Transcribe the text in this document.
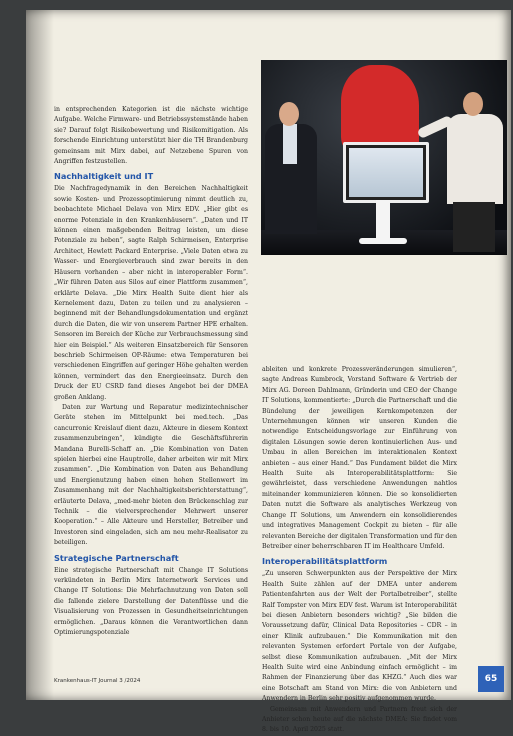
in entsprechenden Kategorien ist die nächste wichtige Aufgabe. Welche Firmware- und Betriebssystemstände haben sie? Darauf folgt Risikobewertung und Risikomitigation. Als forschende Einrichtung unterstützt hier die TH Brandenburg gemeinsam mit Mirx dabei, auf Netzebene Spuren von Angriffen festzustellen.

Nachhaltigkeit und IT

Die Nachfragedynamik in den Bereichen Nachhaltigkeit sowie Kosten- und Prozessoptimierung nimmt deutlich zu, beobachtete Michael Delava von Mirx EDV. „Hier gibt es enorme Potenziale in den Krankenhäusern“. „Daten und IT können einen maßgebenden Beitrag leisten, um diese Potenziale zu heben“, sagte Ralph Schirmeisen, Enterprise Architect, Hewlett Packard Enterprise. „Viele Daten etwa zu Wasser- und Energieverbrauch sind zwar bereits in den Häusern vorhanden – aber nicht in interoperabler Form“. „Wir führen Daten aus Silos auf einer Plattform zusammen“, erklärte Delava. „Die Mirx Health Suite dient hier als Kernelement dazu, Daten zu teilen und zu analysieren – beginnend mit der Behandlungsdokumentation und ergänzt durch die Daten, die wir von unserem Partner HPE erhalten. Sensoren im Bereich der Küche zur Verbrauchsmessung sind hier ein Beispiel.“ Als weiteren Einsatzbereich für Sensoren beschrieb Schirmeisen OP-Räume: etwa Temperaturen bei verschiedenen Eingriffen auf geringer Höhe gehalten werden können, vermindert das den Energieeinsatz. Durch den Druck der EU CSRD fand dieses Angebot bei der DMEA großen Anklang.

Daten zur Wartung und Reparatur medizintechnischer Geräte stehen im Mittelpunkt bei med.tech. „Das cancurronic Kreislauf dient dazu, Akteure in diesem Kontext zusammenzubringen“, kündigte die Geschäftsführerin Mandana Burelli-Schaff an. „Die Kombination von Daten spielen hierbei eine Hauptrolle, daher arbeiten wir mit Mirx zusammen“. „Die Kombination von Daten aus Behandlung und Energienutzung haben einen hohen Stellenwert im Zusammenhang mit der Nachhaltigkeitsberichterstattung“, erläuterte Delava, „med-mehr bieten den Brückenschlag zur Technik – die vielversprechender Mehrwert unserer Kooperation.“ – Alle Akteure und Hersteller, Betreiber und Investoren sind eingeladen, sich am neu mehr-Realisator zu beteiligen.

Strategische Partnerschaft

Eine strategische Partnerschaft mit Change IT Solutions verkündeten in Berlin Mirx Internetwork Services und Change IT Solutions: Die Mehrfachnutzung von Daten soll die fallende zielere Darstellung der Datenflüsse und die Visualisierung von Prozessen in Gesundheitseinrichtungen ermöglichen. „Daraus können die Verantwortlichen dann Optimierungspotenziale

ableiten und konkrete Prozessveränderungen simulieren“, sagte Andreas Kumbrock, Vorstand Software & Vertrieb der Mirx AG. Doreen Dahlmann, Gründerin und CEO der Change IT Solutions, kommentierte: „Durch die Partnerschaft und die Bündelung der jeweiligen Kernkompetenzen der Unternehmungen können wir unseren Kunden die notwendige Entscheidungsvorlage zur Einführung von digitalen Lösungen sowie deren kontinuierlichen Aus- und Umbau in allen Bereichen im interaktionalen Kontext anbieten – aus einer Hand.“ Das Fundament bildet die Mirx Health Suite als Interoperabilitätsplattform: Sie gewährleistet, dass verschiedene Anwendungen nahtlos miteinander kommunizieren können. Die so konsolidierten Daten nutzt die Software als analytisches Werkzeug von Change IT Solutions, um Anwendern ein konsolidierendes und integratives Management Cockpit zu bieten – für alle relevanten Bereiche der digitalen Transformation und für den Betreiber einer beherrschbaren IT im Healthcare Umfeld.

Interoperabilitätsplattform

„Zu unseren Schwerpunkten aus der Perspektive der Mirx Health Suite zählen auf der DMEA unter anderem Patientenfahrten aus der Welt der Portalbetreiber“, stellte Ralf Tompster von Mirx EDV fest. Warum ist Interoperabilität bei diesen Anbietern besonders wichtig? „Sie bilden die Voraussetzung dafür, Clinical Data Repositories – CDR – in einer Klinik aufzubauen.“ Die Kommunikation mit den relevanten Systemen erfordert Portale von der Aufgabe, selbst diese Kommunikation aufzubauen. „Mit der Mirx Health Suite wird eine Anbindung einfach ermöglicht – im Rahmen der Finanzierung über das KHZG.“ Auch dies war eine Botschaft am Stand von Mirx: die von Anbietern und Anwendern in Berlin sehr positiv aufgenommen wurde.

Gemeinsam mit Anwendern und Partnern freut sich der Anbieter schon heute auf die nächste DMEA: Sie findet vom 8. bis 10. April 2025 statt.

Krankenhaus-IT Journal 3 /2024	65
